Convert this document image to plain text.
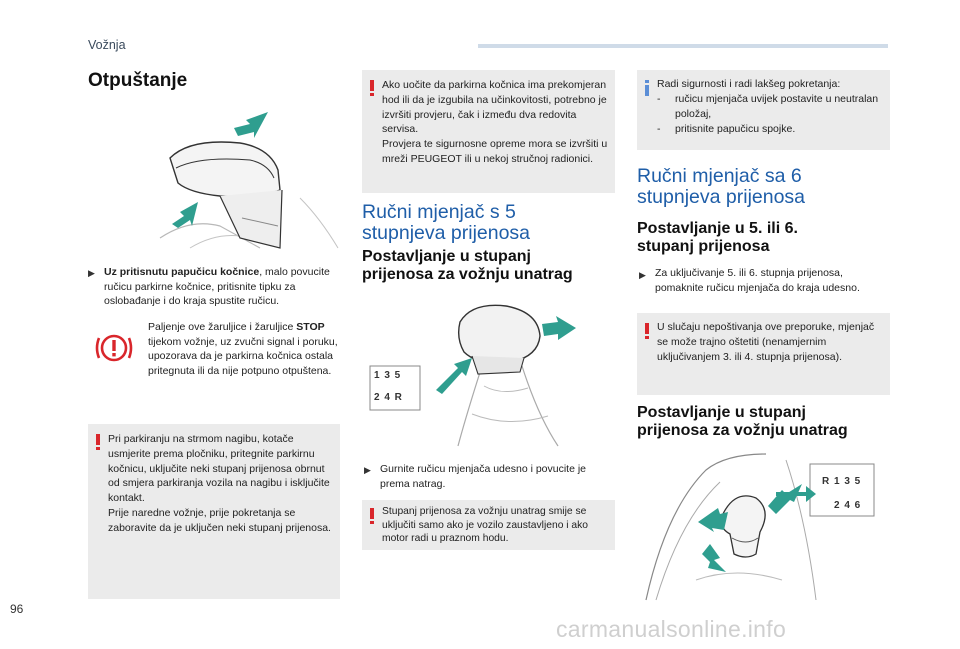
Vožnja
96
carmanualsonline.info
Otpuštanje
▶ Uz pritisnutu papučicu kočnice, malo povucite ručicu parkirne kočnice, pritisnite tipku za oslobađanje i do kraja spustite ručicu.

Paljenje ove žaruljice i žaruljice STOP tijekom vožnje, uz zvučni signal i poruku, upozorava da je parkirna kočnica ostala pritegnuta ili da nije potpuno otpuštena.

Pri parkiranju na strmom nagibu, kotače usmjerite prema pločniku, pritegnite parkirnu kočnicu, uključite neki stupanj prijenosa obrnut od smjera parkiranja vozila na nagibu i isključite kontakt.
Prije naredne vožnje, prije pokretanja se zaboravite da je uključen neki stupanj prijenosa.

Ako uočite da parkirna kočnica ima prekomjeran hod ili da je izgubila na učinkovitosti, potrebno je izvršiti provjeru, čak i između dva redovita servisa.
Provjera te sigurnosne opreme mora se izvršiti u mreži PEUGEOT ili u nekoj stručnoj radionici.

Ručni mjenjač s 5
stupnjeva prijenosa
Postavljanje u stupanj
prijenosa za vožnju unatrag
1 3 5
2 4 R
▶ Gurnite ručicu mjenjača udesno i povucite je prema natrag.

Stupanj prijenosa za vožnju unatrag smije se uključiti samo ako je vozilo zaustavljeno i ako motor radi u praznom hodu.

Radi sigurnosti i radi lakšeg pokretanja:

- ručicu mjenjača uvijek postavite u neutralan položaj,

- pritisnite papučicu spojke.

Ručni mjenjač sa 6
stupnjeva prijenosa
Postavljanje u 5. ili 6.
stupanj prijenosa
▶ Za uključivanje 5. ili 6. stupnja prijenosa, pomaknite ručicu mjenjača do kraja udesno.

U slučaju nepoštivanja ove preporuke, mjenjač se može trajno oštetiti (nenamjernim uključivanjem 3. ili 4. stupnja prijenosa).

Postavljanje u stupanj
prijenosa za vožnju unatrag
R 1 3 5
2 4 6
